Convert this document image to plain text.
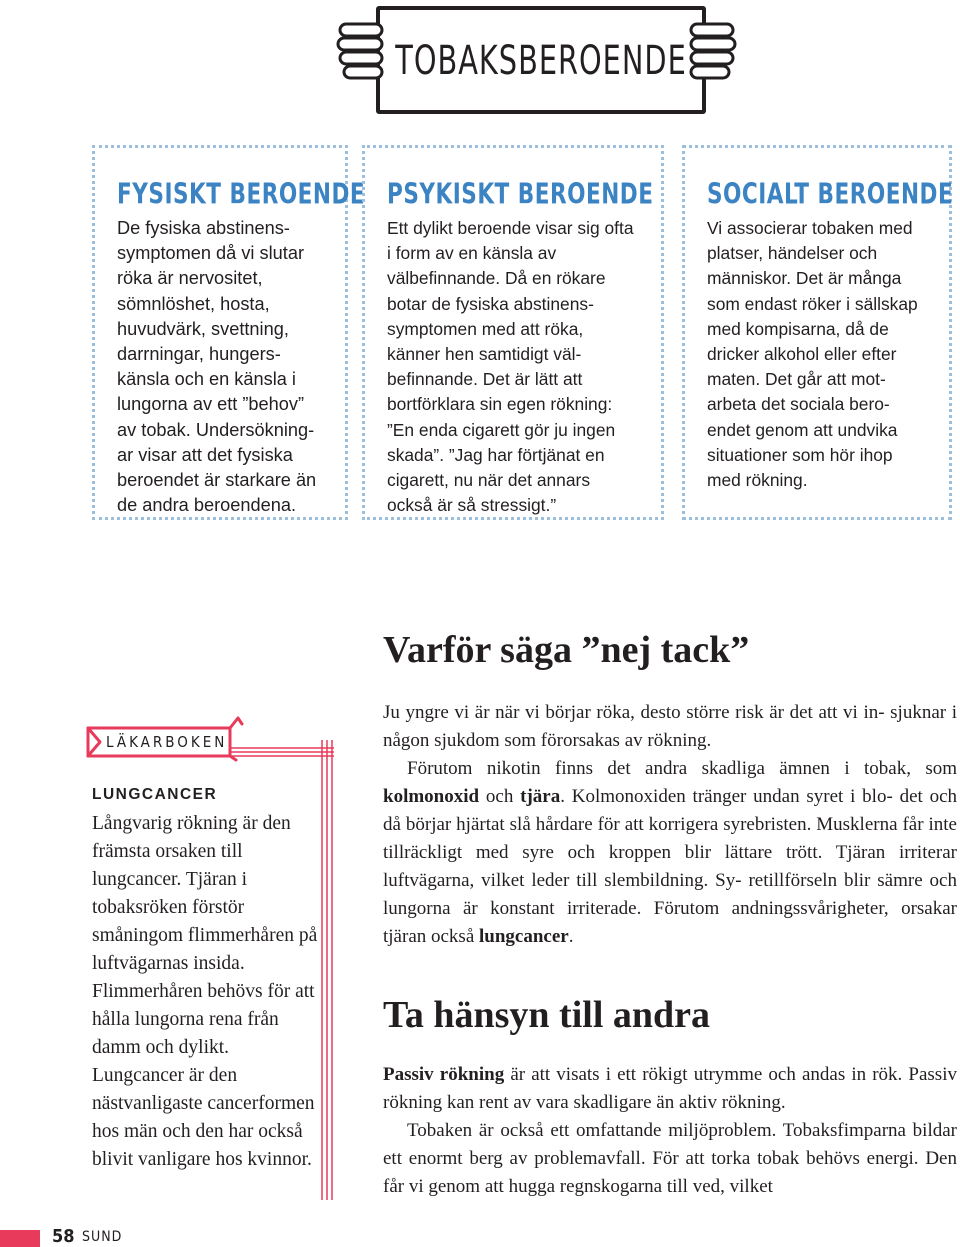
TOBAKSBEROENDE
FYSISKT BEROENDE

De fysiska abstinens- symptomen då vi slutar röka är nervositet, sömnlöshet, hosta, huvudvärk, svettning, darrningar, hungers- känsla och en känsla i lungorna av ett ”behov” av tobak. Undersökning- ar visar att det fysiska beroendet är starkare än de andra beroendena.

PSYKISKT BEROENDE

Ett dylikt beroende visar sig ofta i form av en känsla av välbefinnande. Då en rökare botar de fysiska abstinens- symptomen med att röka, känner hen samtidigt väl- befinnande. Det är lätt att bortförklara sin egen rökning: ”En enda cigarett gör ju ingen skada”. ”Jag har förtjänat en cigarett, nu när det annars också är så stressigt.”

SOCIALT BEROENDE

Vi associerar tobaken med platser, händelser och människor. Det är många som endast röker i sällskap med kompisarna, då de dricker alkohol eller efter maten. Det går att mot- arbeta det sociala bero- endet genom att undvika situationer som hör ihop med rökning.

Varför säga ”nej tack”

Ju yngre vi är när vi börjar röka, desto större risk är det att vi in- sjuknar i någon sjukdom som förorsakas av rökning.

Förutom nikotin finns det andra skadliga ämnen i tobak, som kolmonoxid och tjära. Kolmonoxiden tränger undan syret i blo- det och då börjar hjärtat slå hårdare för att korrigera syrebristen. Musklerna får inte tillräckligt med syre och kroppen blir lättare trött. Tjäran irriterar luftvägarna, vilket leder till slembildning. Sy- retillförseln blir sämre och lungorna är konstant irriterade. Förutom andningssvårigheter, orsakar tjäran också lungcancer.

Ta hänsyn till andra

Passiv rökning är att visats i ett rökigt utrymme och andas in rök. Passiv rökning kan rent av vara skadligare än aktiv rökning.

Tobaken är också ett omfattande miljöproblem. Tobaksfimparna bildar ett enormt berg av problemavfall. För att torka tobak behövs energi. Den får vi genom att hugga regnskogarna till ved, vilket

LÄKARBOKEN
LUNGCANCER

Långvarig rökning är den främsta orsaken till lungcancer. Tjäran i tobaksröken förstör småningom flimmerhåren på luftvägarnas insida. Flimmerhåren behövs för att hålla lungorna rena från damm och dylikt. Lungcancer är den nästvanligaste cancerformen hos män och den har också blivit vanligare hos kvinnor.

58 SUND
